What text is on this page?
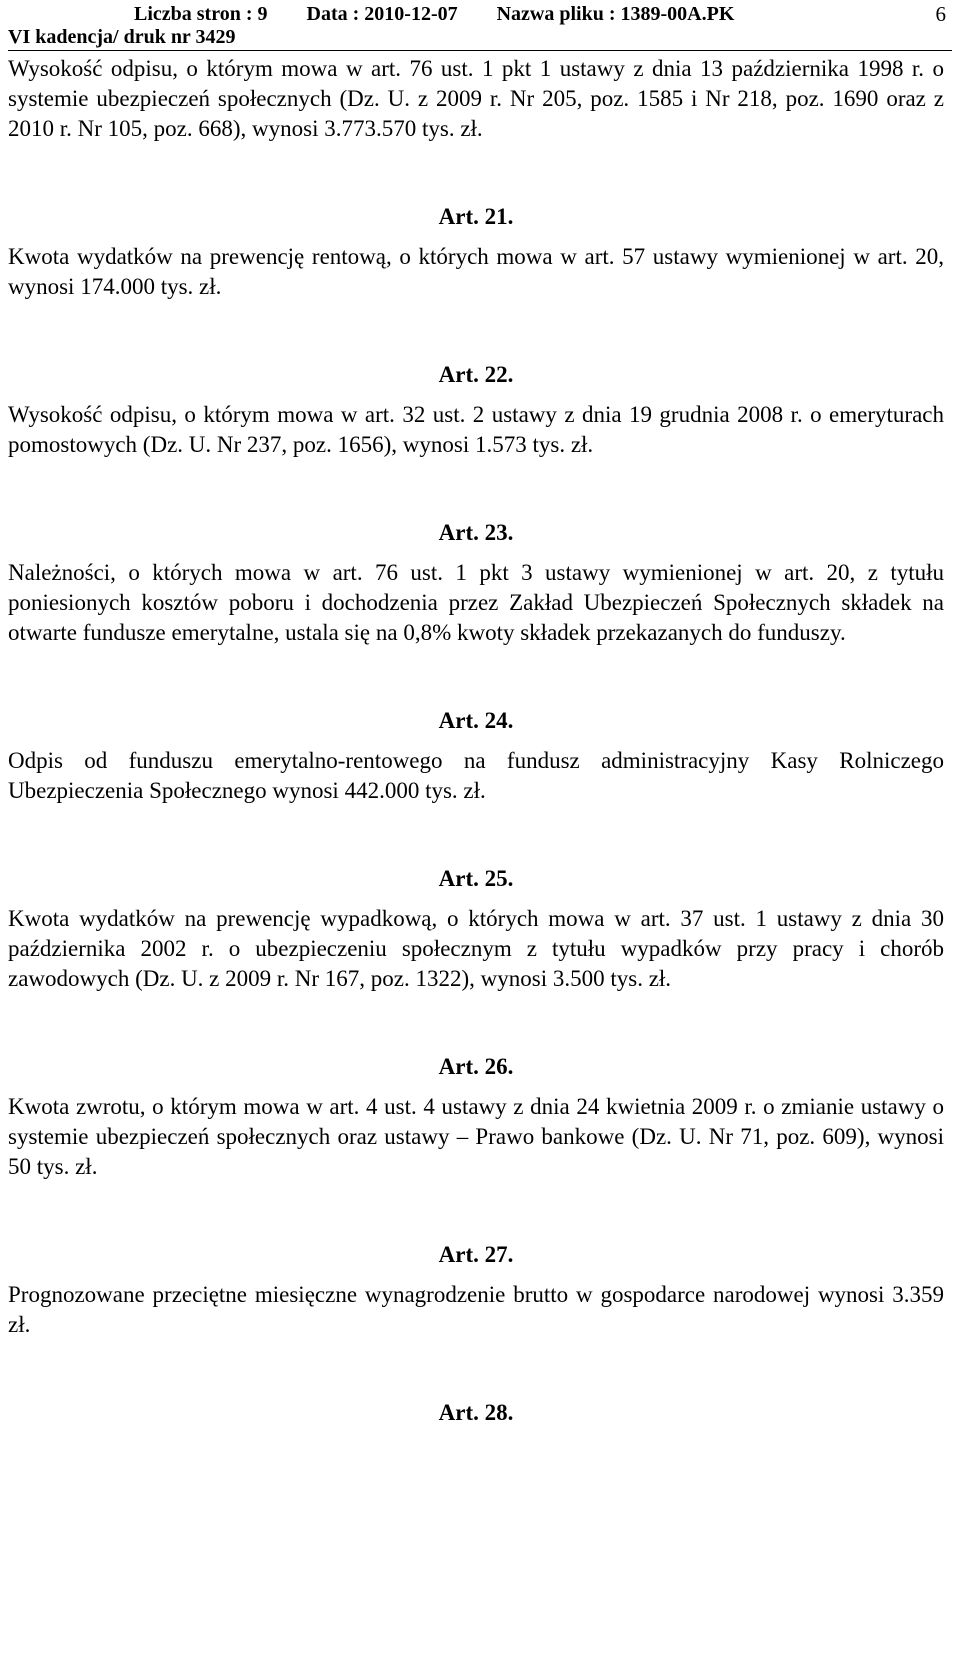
Liczba stron : 9 Data : 2010-12-07 Nazwa pliku : 1389-00A.PK
VI kadencja/ druk nr 3429
6

Wysokość odpisu, o którym mowa w art. 76 ust. 1 pkt 1 ustawy z dnia 13 października 1998 r. o systemie ubezpieczeń społecznych (Dz. U. z 2009 r. Nr 205, poz. 1585 i Nr 218, poz. 1690 oraz z 2010 r. Nr 105, poz. 668), wynosi 3.773.570 tys. zł.

Art. 21.

Kwota wydatków na prewencję rentową, o których mowa w art. 57 ustawy wymienionej w art. 20, wynosi 174.000 tys. zł.

Art. 22.

Wysokość odpisu, o którym mowa w art. 32 ust. 2 ustawy z dnia 19 grudnia 2008 r. o emeryturach pomostowych (Dz. U. Nr 237, poz. 1656), wynosi 1.573 tys. zł.

Art. 23.

Należności, o których mowa w art. 76 ust. 1 pkt 3 ustawy wymienionej w art. 20, z tytułu poniesionych kosztów poboru i dochodzenia przez Zakład Ubezpieczeń Społecznych składek na otwarte fundusze emerytalne, ustala się na 0,8% kwoty składek przekazanych do funduszy.

Art. 24.

Odpis od funduszu emerytalno-rentowego na fundusz administracyjny Kasy Rolniczego Ubezpieczenia Społecznego wynosi 442.000 tys. zł.

Art. 25.

Kwota wydatków na prewencję wypadkową, o których mowa w art. 37 ust. 1 ustawy z dnia 30 października 2002 r. o ubezpieczeniu społecznym z tytułu wypadków przy pracy i chorób zawodowych (Dz. U. z 2009 r. Nr 167, poz. 1322), wynosi 3.500 tys. zł.

Art. 26.

Kwota zwrotu, o którym mowa w art. 4 ust. 4 ustawy z dnia 24 kwietnia 2009 r. o zmianie ustawy o systemie ubezpieczeń społecznych oraz ustawy – Prawo bankowe (Dz. U. Nr 71, poz. 609), wynosi 50 tys. zł.

Art. 27.

Prognozowane przeciętne miesięczne wynagrodzenie brutto w gospodarce narodowej wynosi 3.359 zł.

Art. 28.
